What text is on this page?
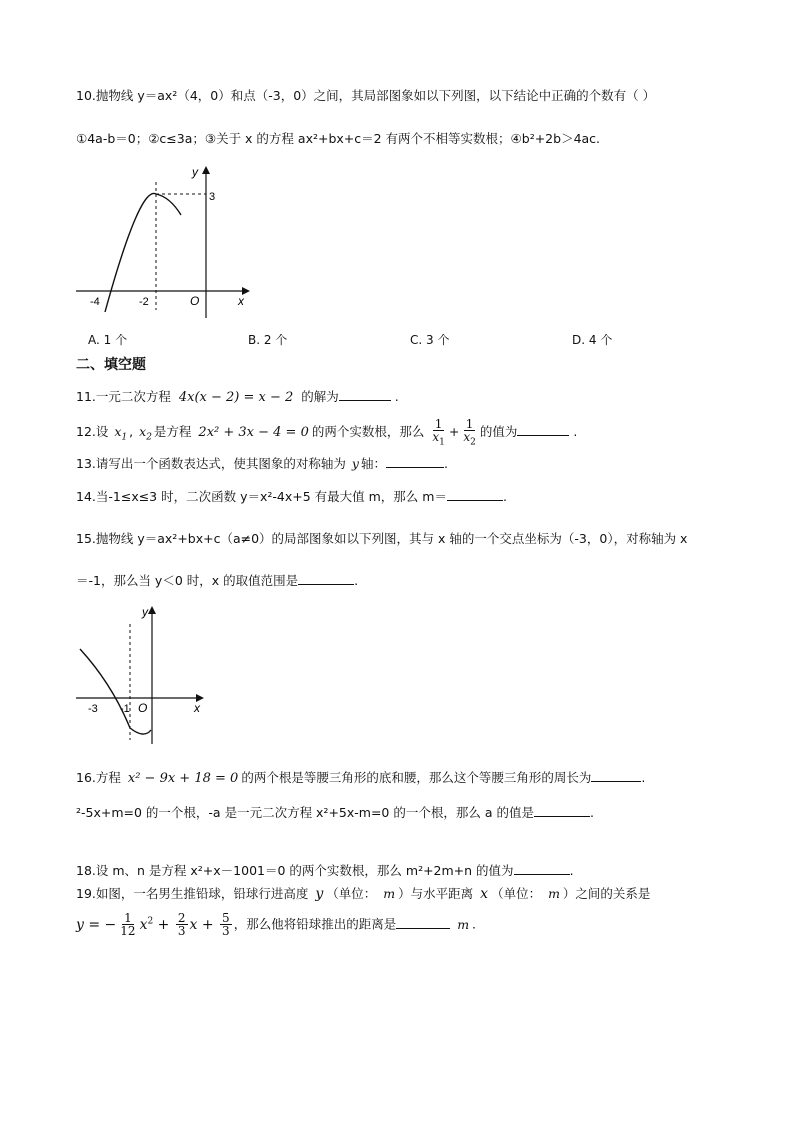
10.抛物线 y＝ax²（4，0）和点（-3，0）之间，其局部图象如以下列图，以下结论中正确的个数有（ ）
①4a-b＝0；②c≤3a；③关于 x 的方程 ax²+bx+c＝2 有两个不相等实数根；④b²+2b＞4ac.
y
x
O
-4	-2
3
A. 1 个	B. 2 个	C. 3 个	D. 4 个
二、填空题
11.一元二次方程 4x(x − 2) = x − 2 的解为	.
12.设 $x_1$ , $x_2$ 是方程 2x² + 3x − 4 = 0 的两个实数根，那么 $\frac{1}{x_1} + \frac{1}{x_2}$ 的值为	.
13.请写出一个函数表达式，使其图象的对称轴为 y 轴：	.
14.当-1≤x≤3 时，二次函数 y＝x²-4x+5 有最大值 m，那么 m＝	.
15.抛物线 y＝ax²+bx+c（a≠0）的局部图象如以下列图，其与 x 轴的一个交点坐标为（-3，0），对称轴为 x
＝-1，那么当 y＜0 时，x 的取值范围是	.
y
x
O
-3 -1
16.方程 x² − 9x + 18 = 0 的两个根是等腰三角形的底和腰，那么这个等腰三角形的周长为	.
²-5x+m=0 的一个根，-a 是一元二次方程 x²+5x-m=0 的一个根，那么 a 的值是	.
18.设 m、n 是方程 x²+x－1001＝0 的两个实数根，那么 m²+2m+n 的值为	.
19.如图，一名男生推铅球，铅球行进高度 y （单位： m ）与水平距离 x （单位： m ）之间的关系是
y = − $\frac{1}{12} x^2 + \frac{2}{3}$ $x + \frac{5}{3}$ ，那么他将铅球推出的距离是	m .
